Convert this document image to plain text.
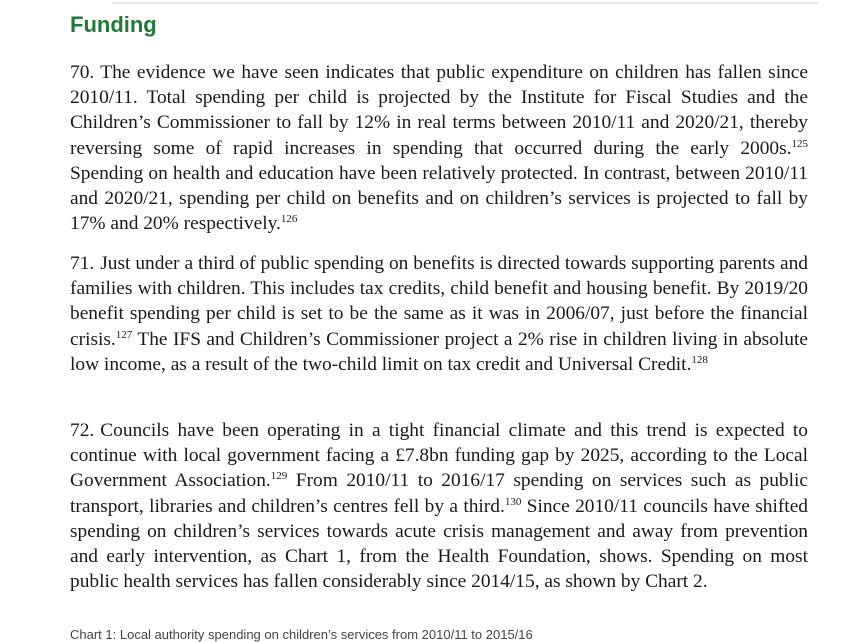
Funding

70. The evidence we have seen indicates that public expenditure on children has fallen since 2010/11. Total spending per child is projected by the Institute for Fiscal Studies and the Children’s Commissioner to fall by 12% in real terms between 2010/11 and 2020/21, thereby reversing some of rapid increases in spending that occurred during the early 2000s.$^{125}$ Spending on health and education have been relatively protected. In contrast, between 2010/11 and 2020/21, spending per child on benefits and on children’s services is projected to fall by 17% and 20% respectively.$^{126}$

71. Just under a third of public spending on benefits is directed towards supporting parents and families with children. This includes tax credits, child benefit and housing benefit. By 2019/20 benefit spending per child is set to be the same as it was in 2006/07, just before the financial crisis.$^{127}$ The IFS and Children’s Commissioner project a 2% rise in children living in absolute low income, as a result of the two-child limit on tax credit and Universal Credit.$^{128}$

72. Councils have been operating in a tight financial climate and this trend is expected to continue with local government facing a £7.8bn funding gap by 2025, according to the Local Government Association.$^{129}$ From 2010/11 to 2016/17 spending on services such as public transport, libraries and children’s centres fell by a third.$^{130}$ Since 2010/11 councils have shifted spending on children’s services towards acute crisis management and away from prevention and early intervention, as Chart 1, from the Health Foundation, shows. Spending on most public health services has fallen considerably since 2014/15, as shown by Chart 2.

Chart 1: Local authority spending on children’s services from 2010/11 to 2015/16
